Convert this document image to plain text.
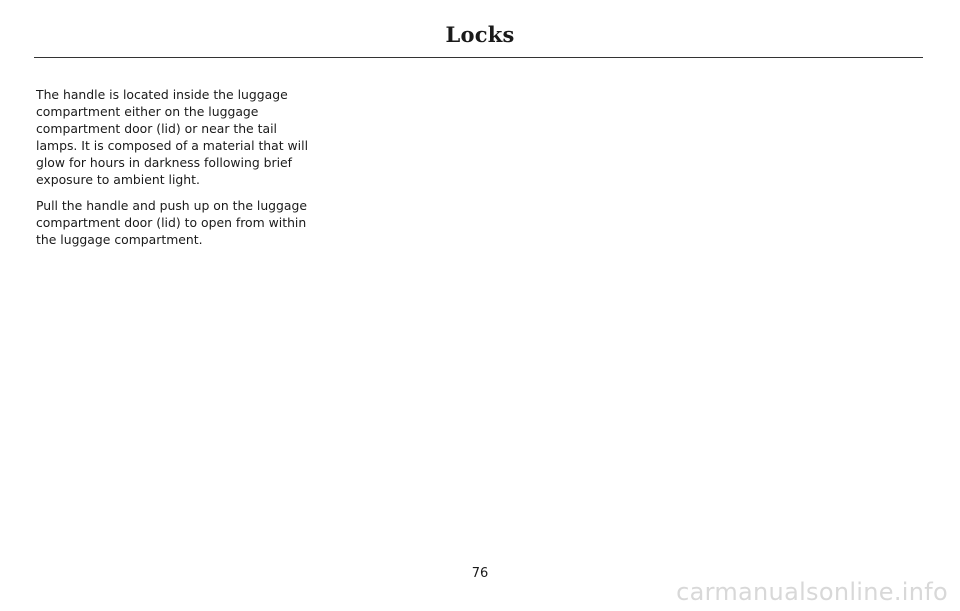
Locks

The handle is located inside the luggage compartment either on the luggage compartment door (lid) or near the tail lamps. It is composed of a material that will glow for hours in darkness following brief exposure to ambient light.

Pull the handle and push up on the luggage compartment door (lid) to open from within the luggage compartment.

76
carmanualsonline.info
